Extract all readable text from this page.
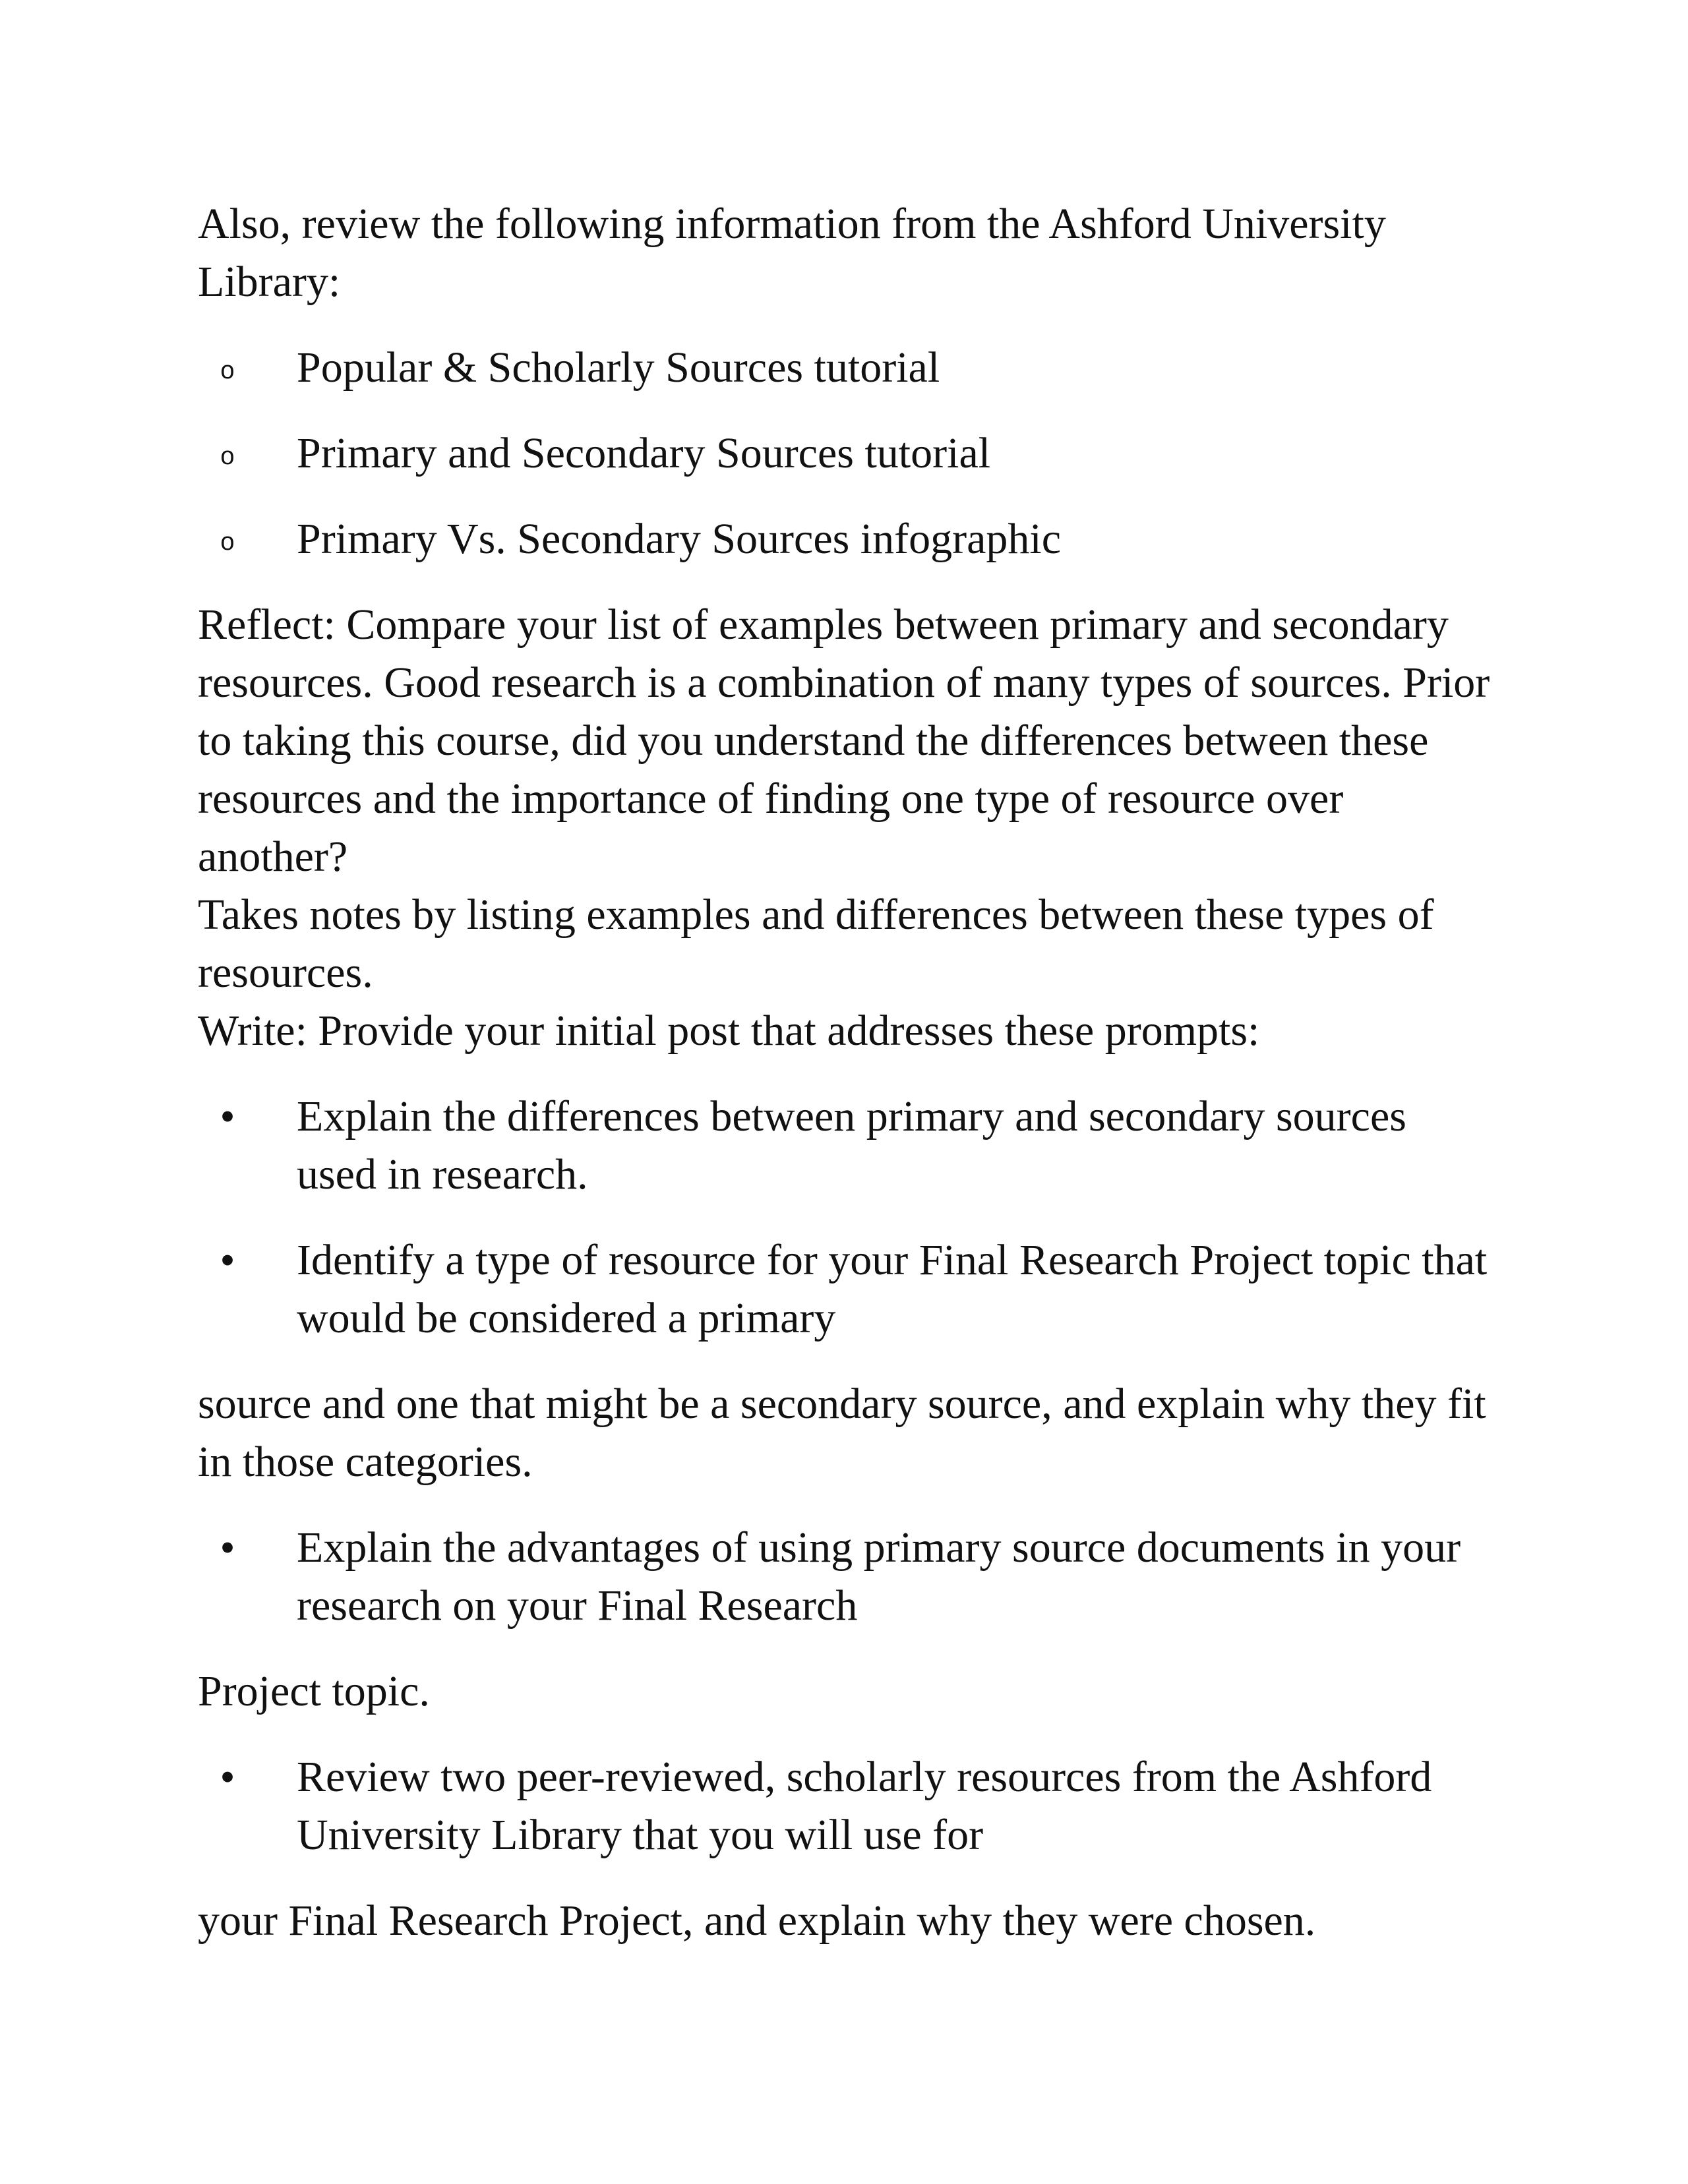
Also, review the following information from the Ashford University Library:

o	Popular & Scholarly Sources tutorial
o	Primary and Secondary Sources tutorial
o	Primary Vs. Secondary Sources infographic

Reflect: Compare your list of examples between primary and secondary resources. Good research is a combination of many types of sources. Prior to taking this course, did you understand the differences between these resources and the importance of finding one type of resource over another?

Takes notes by listing examples and differences between these types of resources.

Write: Provide your initial post that addresses these prompts:

•	Explain the differences between primary and secondary sources used in research.
•	Identify a type of resource for your Final Research Project topic that would be considered a primary

source and one that might be a secondary source, and explain why they fit in those categories.

•	Explain the advantages of using primary source documents in your research on your Final Research

Project topic.

•	Review two peer-reviewed, scholarly resources from the Ashford University Library that you will use for

your Final Research Project, and explain why they were chosen.
